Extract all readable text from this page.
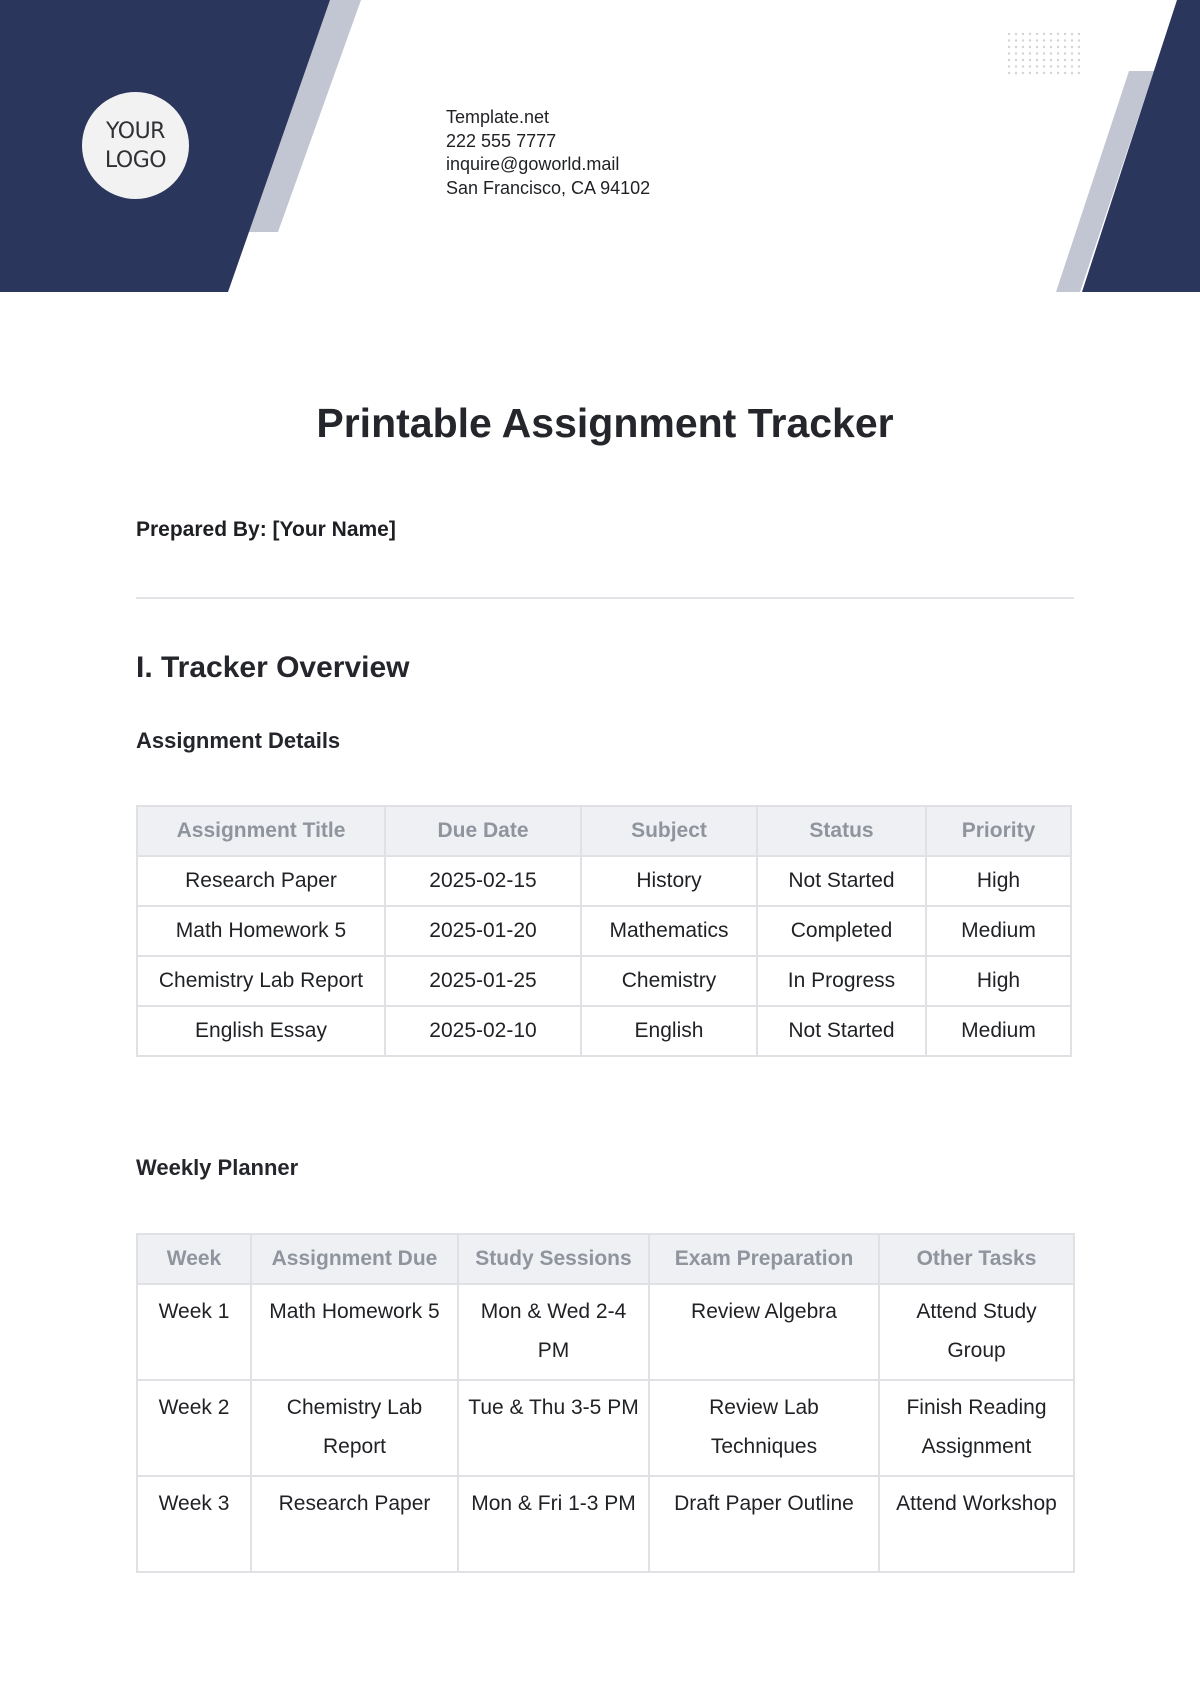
YOUR
LOGO
Template.net
222 555 7777
inquire@goworld.mail
San Francisco, CA 94102
Printable Assignment Tracker
Prepared By: [Your Name]
I. Tracker Overview
Assignment Details
Assignment Title	Due Date	Subject	Status	Priority
Research Paper	2025-02-15	History	Not Started	High
Math Homework 5	2025-01-20	Mathematics	Completed	Medium
Chemistry Lab Report	2025-01-25	Chemistry	In Progress	High
English Essay	2025-02-10	English	Not Started	Medium
Weekly Planner
Week	Assignment Due	Study Sessions	Exam Preparation	Other Tasks
Week 1	Math Homework 5	Mon & Wed 2-4 PM	Review Algebra	Attend Study Group
Week 2	Chemistry Lab Report	Tue & Thu 3-5 PM	Review Lab Techniques	Finish Reading Assignment
Week 3	Research Paper	Mon & Fri 1-3 PM	Draft Paper Outline	Attend Workshop
